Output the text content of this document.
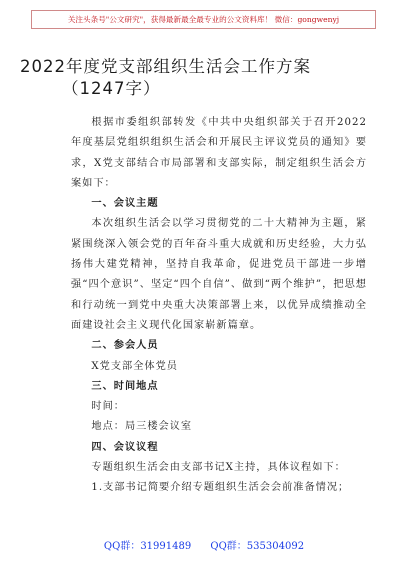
关注头条号"公文研究"，获得最新最全最专业的公文资料库！ 微信：gongwenyj
2022年度党支部组织生活会工作方案
（1247字）

根据市委组织部转发《中共中央组织部关于召开2022年度基层党组织组织生活会和开展民主评议党员的通知》要求，X党支部结合市局部署和支部实际，制定组织生活会方案如下：

一、会议主题

本次组织生活会以学习贯彻党的二十大精神为主题，紧紧围绕深入领会党的百年奋斗重大成就和历史经验，大力弘扬伟大建党精神，坚持自我革命，促进党员干部进一步增强“四个意识”、坚定“四个自信”、做到“两个维护”，把思想和行动统一到党中央重大决策部署上来，以优异成绩推动全面建设社会主义现代化国家崭新篇章。

二、参会人员

X党支部全体党员

三、时间地点

时间：

地点：局三楼会议室

四、会议议程

专题组织生活会由支部书记X主持，具体议程如下：

1.支部书记简要介绍专题组织生活会会前准备情况；

QQ群：31991489 QQ群：535304092
